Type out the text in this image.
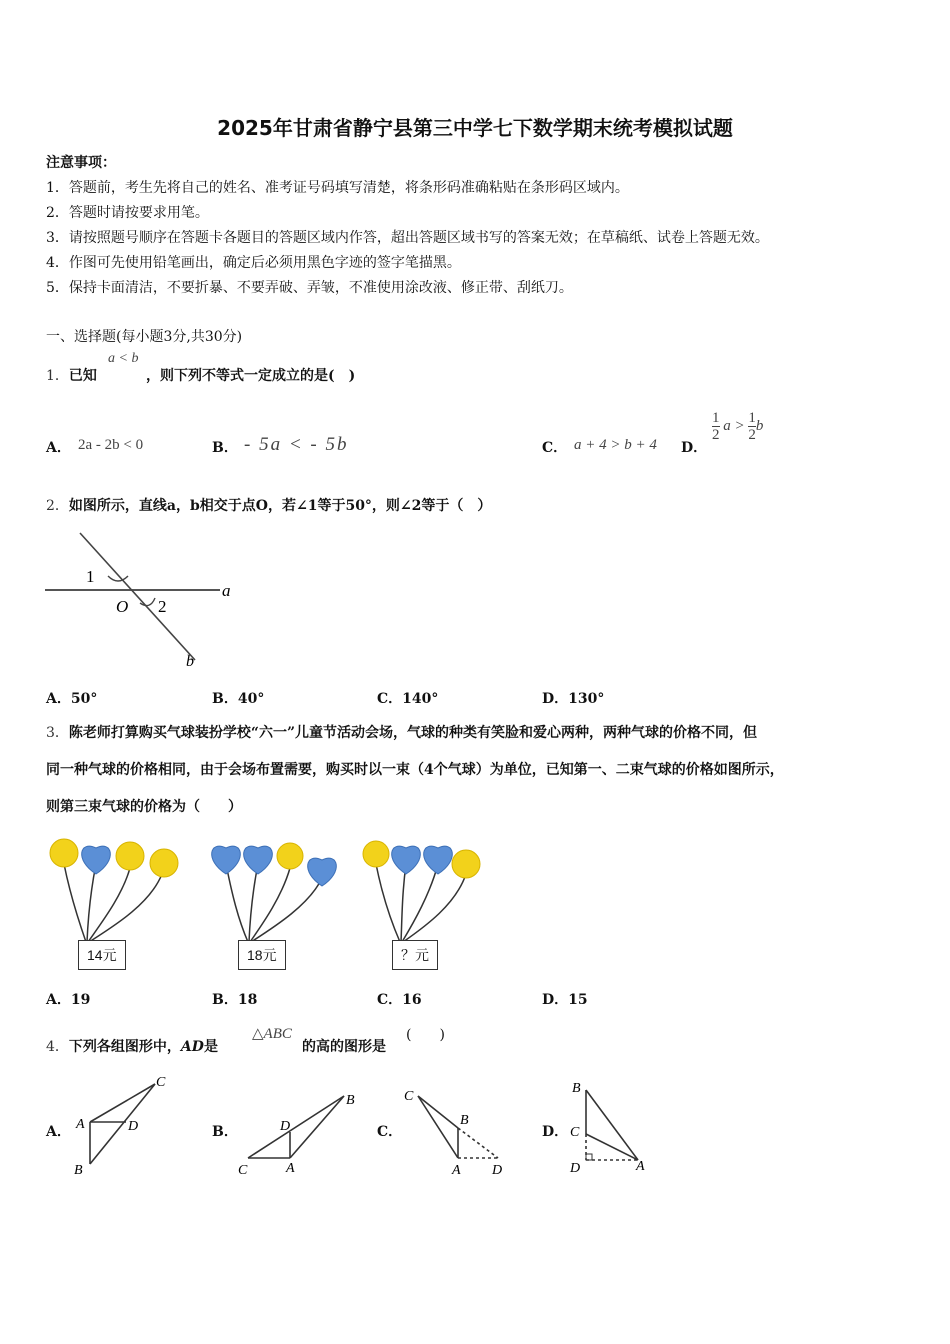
2025年甘肃省静宁县第三中学七下数学期末统考模拟试题
注意事项：
1．答题前，考生先将自己的姓名、准考证号码填写清楚，将条形码准确粘贴在条形码区域内。
2．答题时请按要求用笔。
3．请按照题号顺序在答题卡各题目的答题区域内作答，超出答题区域书写的答案无效；在草稿纸、试卷上答题无效。
4．作图可先使用铅笔画出，确定后必须用黑色字迹的签字笔描黑。
5．保持卡面清洁，不要折暴、不要弄破、弄皱，不准使用涂改液、修正带、刮纸刀。
一、选择题(每小题3分,共30分)
1．已知
a < b
，则下列不等式一定成立的是(　)
A． 2a - 2b < 0	B． - 5a < - 5b	C． a + 4 > b + 4 D．
$\frac{1}{2}$ $a > \frac{1}{2}$ b
2．如图所示，直线a，b相交于点O，若∠1等于50°，则∠2等于（　）
1
2
O
a
b
A．50°	B．40°	C．140°	D．130°
3．陈老师打算购买气球装扮学校“六一”儿童节活动会场，气球的种类有笑脸和爱心两种，两种气球的价格不同，但
同一种气球的价格相同，由于会场布置需要，购买时以一束（4个气球）为单位，已知第一、二束气球的价格如图所示，
则第三束气球的价格为（　　）
14元	18元	？元
A．19	B．18	C．16	D．15
4．下列各组图形中，AD是
△ABC
的高的图形是
(　　)
A．
C
A	D
B
B．
B
D
C	A
C．
C
B
A D
D．
B
C
D	A
